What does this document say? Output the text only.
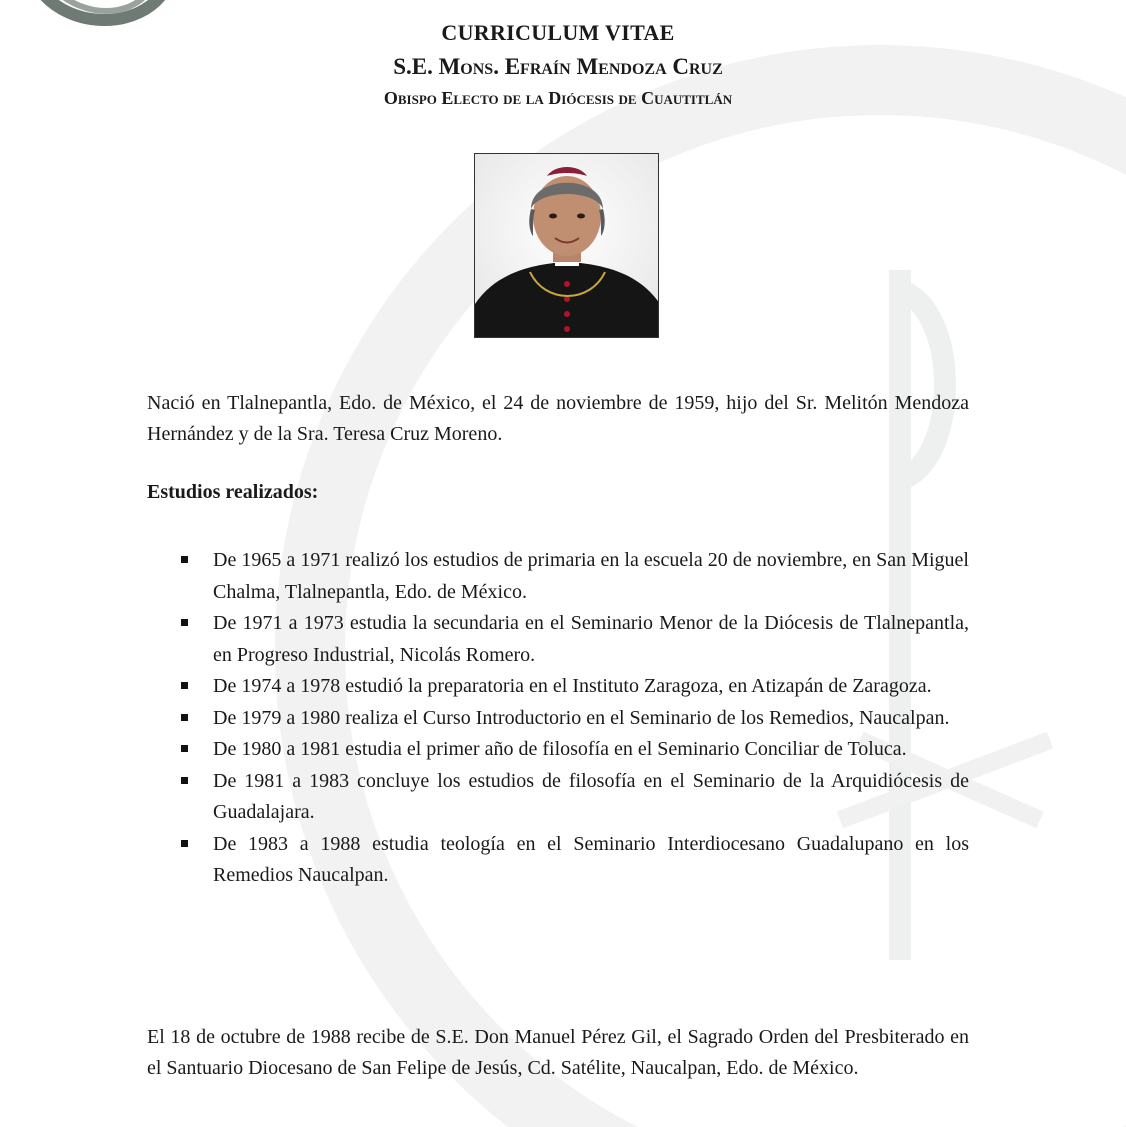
CURRICULUM VITAE
S.E. Mons. Efraín Mendoza Cruz
Obispo Electo de la Diócesis de Cuautitlán

Nació en Tlalnepantla, Edo. de México, el 24 de noviembre de 1959, hijo del Sr. Melitón Mendoza Hernández y de la Sra. Teresa Cruz Moreno.

Estudios realizados:

De 1965 a 1971 realizó los estudios de primaria en la escuela 20 de noviembre, en San Miguel Chalma, Tlalnepantla, Edo. de México.
De 1971 a 1973 estudia la secundaria en el Seminario Menor de la Diócesis de Tlalnepantla, en Progreso Industrial, Nicolás Romero.
De 1974 a 1978 estudió la preparatoria en el Instituto Zaragoza, en Atizapán de Zaragoza.
De 1979 a 1980 realiza el Curso Introductorio en el Seminario de los Remedios, Naucalpan.
De 1980 a 1981 estudia el primer año de filosofía en el Seminario Conciliar de Toluca.
De 1981 a 1983 concluye los estudios de filosofía en el Seminario de la Arquidiócesis de Guadalajara.
De 1983 a 1988 estudia teología en el Seminario Interdiocesano Guadalupano en los Remedios Naucalpan.

El 18 de octubre de 1988 recibe de S.E. Don Manuel Pérez Gil, el Sagrado Orden del Presbiterado en el Santuario Diocesano de San Felipe de Jesús, Cd. Satélite, Naucalpan, Edo. de México.
